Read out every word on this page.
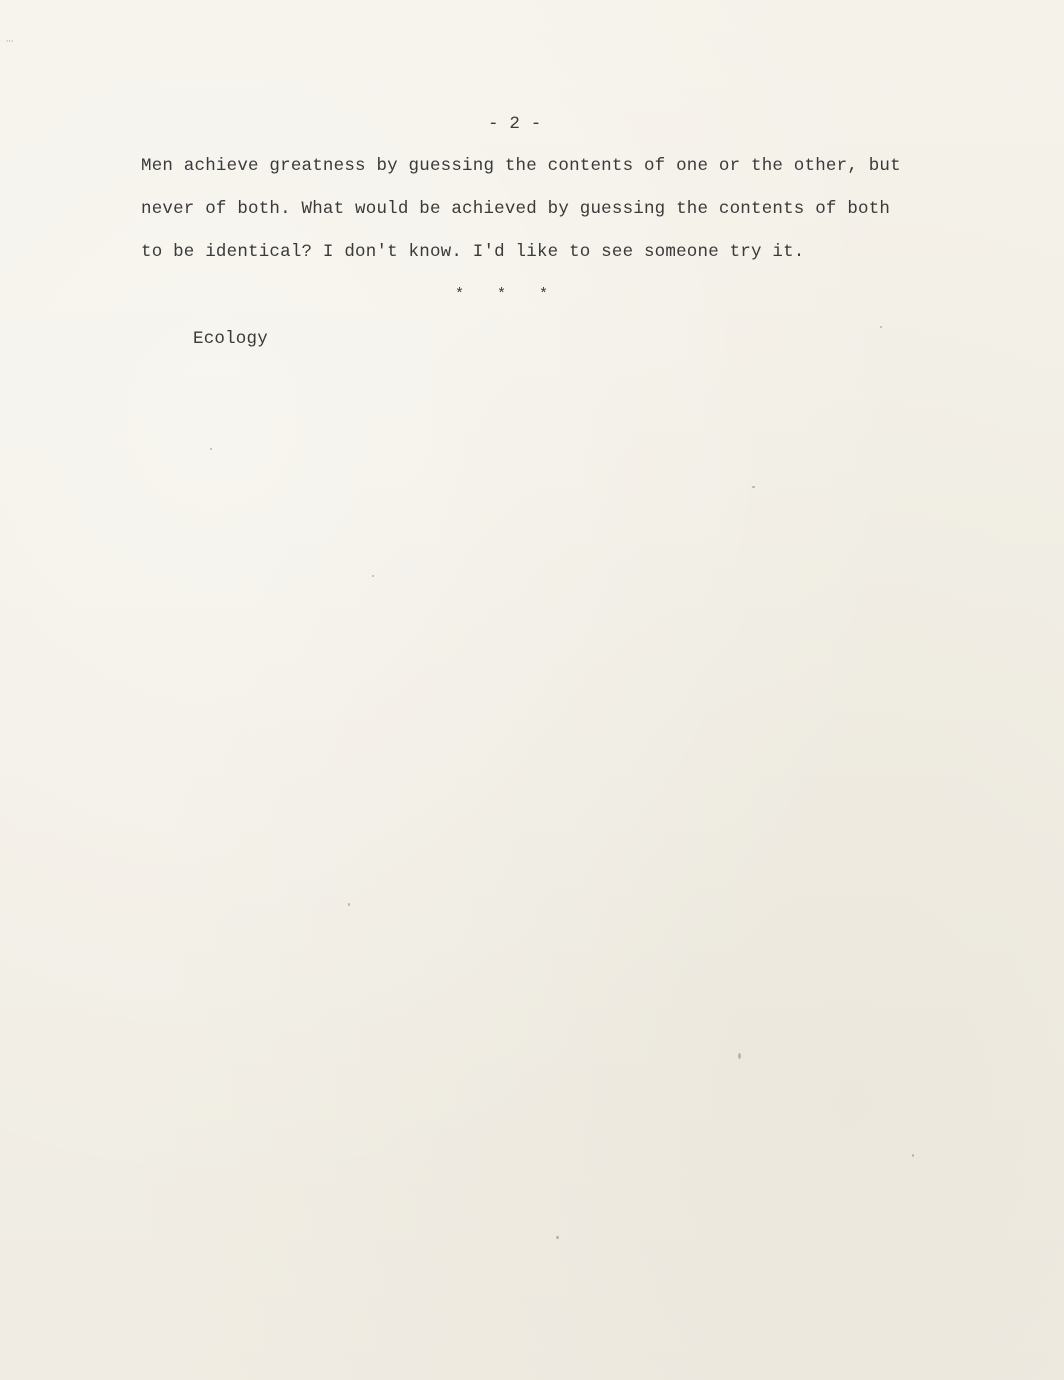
⸱⸱⸱
- 2 -
Men achieve greatness by guessing the contents of one or the other, but
never of both. What would be achieved by guessing the contents of both
to be identical? I don't know. I'd like to see someone try it.
* * *
Ecology
